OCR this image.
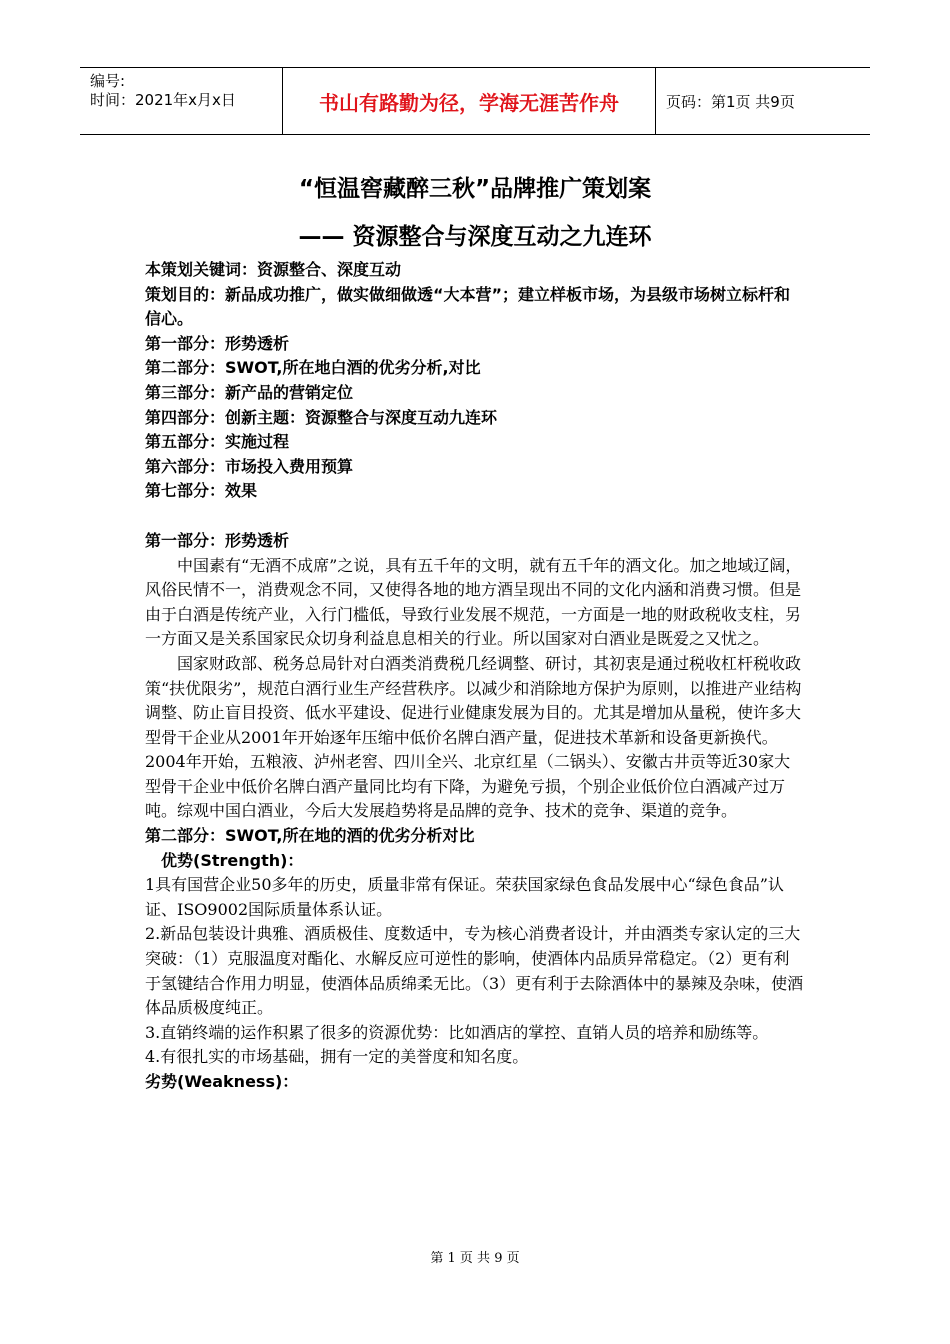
编号:
时间：2021年x月x日	书山有路勤为径，学海无涯苦作舟	页码：第1页 共9页
“恒温窖藏醉三秋”品牌推广策划案
—— 资源整合与深度互动之九连环

本策划关键词：资源整合、深度互动

策划目的：新品成功推广，做实做细做透“大本营”；建立样板市场，为县级市场树立标杆和信心。

第一部分：形势透析

第二部分：SWOT,所在地白酒的优劣分析,对比

第三部分：新产品的营销定位

第四部分：创新主题：资源整合与深度互动九连环

第五部分：实施过程

第六部分：市场投入费用预算

第七部分：效果

第一部分：形势透析

中国素有“无酒不成席”之说，具有五千年的文明，就有五千年的酒文化。加之地域辽阔，风俗民情不一，消费观念不同，又使得各地的地方酒呈现出不同的文化内涵和消费习惯。但是由于白酒是传统产业，入行门槛低，导致行业发展不规范，一方面是一地的财政税收支柱，另一方面又是关系国家民众切身利益息息相关的行业。所以国家对白酒业是既爱之又忧之。

国家财政部、税务总局针对白酒类消费税几经调整、研讨，其初衷是通过税收杠杆税收政策“扶优限劣”，规范白酒行业生产经营秩序。以减少和消除地方保护为原则，以推进产业结构调整、防止盲目投资、低水平建设、促进行业健康发展为目的。尤其是增加从量税，使许多大型骨干企业从2001年开始逐年压缩中低价名牌白酒产量，促进技术革新和设备更新换代。2004年开始，五粮液、泸州老窖、四川全兴、北京红星（二锅头）、安徽古井贡等近30家大型骨干企业中低价名牌白酒产量同比均有下降，为避免亏损，个别企业低价位白酒减产过万吨。综观中国白酒业，今后大发展趋势将是品牌的竞争、技术的竞争、渠道的竞争。

第二部分：SWOT,所在地的酒的优劣分析对比

优势(Strength)：

1具有国营企业50多年的历史，质量非常有保证。荣获国家绿色食品发展中心“绿色食品”认证、ISO9002国际质量体系认证。

2.新品包装设计典雅、酒质极佳、度数适中，专为核心消费者设计，并由酒类专家认定的三大突破：（1）克服温度对酯化、水解反应可逆性的影响，使酒体内品质异常稳定。（2）更有利于氢键结合作用力明显，使酒体品质绵柔无比。（3）更有利于去除酒体中的暴辣及杂味，使酒体品质极度纯正。

3.直销终端的运作积累了很多的资源优势：比如酒店的掌控、直销人员的培养和励练等。

4.有很扎实的市场基础，拥有一定的美誉度和知名度。

劣势(Weakness)：

第 1 页 共 9 页
